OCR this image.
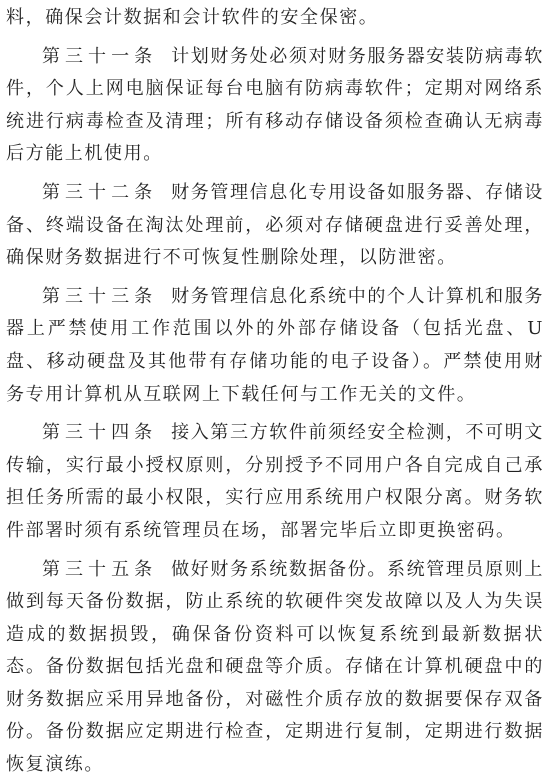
料，确保会计数据和会计软件的安全保密。

第三十一条 计划财务处必须对财务服务器安装防病毒软件，个人上网电脑保证每台电脑有防病毒软件；定期对网络系统进行病毒检查及清理；所有移动存储设备须检查确认无病毒后方能上机使用。

第三十二条 财务管理信息化专用设备如服务器、存储设备、终端设备在淘汰处理前，必须对存储硬盘进行妥善处理，确保财务数据进行不可恢复性删除处理，以防泄密。

第三十三条 财务管理信息化系统中的个人计算机和服务器上严禁使用工作范围以外的外部存储设备（包括光盘、U盘、移动硬盘及其他带有存储功能的电子设备）。严禁使用财务专用计算机从互联网上下载任何与工作无关的文件。

第三十四条 接入第三方软件前须经安全检测，不可明文传输，实行最小授权原则，分别授予不同用户各自完成自己承担任务所需的最小权限，实行应用系统用户权限分离。财务软件部署时须有系统管理员在场，部署完毕后立即更换密码。

第三十五条 做好财务系统数据备份。系统管理员原则上做到每天备份数据，防止系统的软硬件突发故障以及人为失误造成的数据损毁，确保备份资料可以恢复系统到最新数据状态。备份数据包括光盘和硬盘等介质。存储在计算机硬盘中的财务数据应采用异地备份，对磁性介质存放的数据要保存双备份。备份数据应定期进行检查，定期进行复制，定期进行数据恢复演练。
